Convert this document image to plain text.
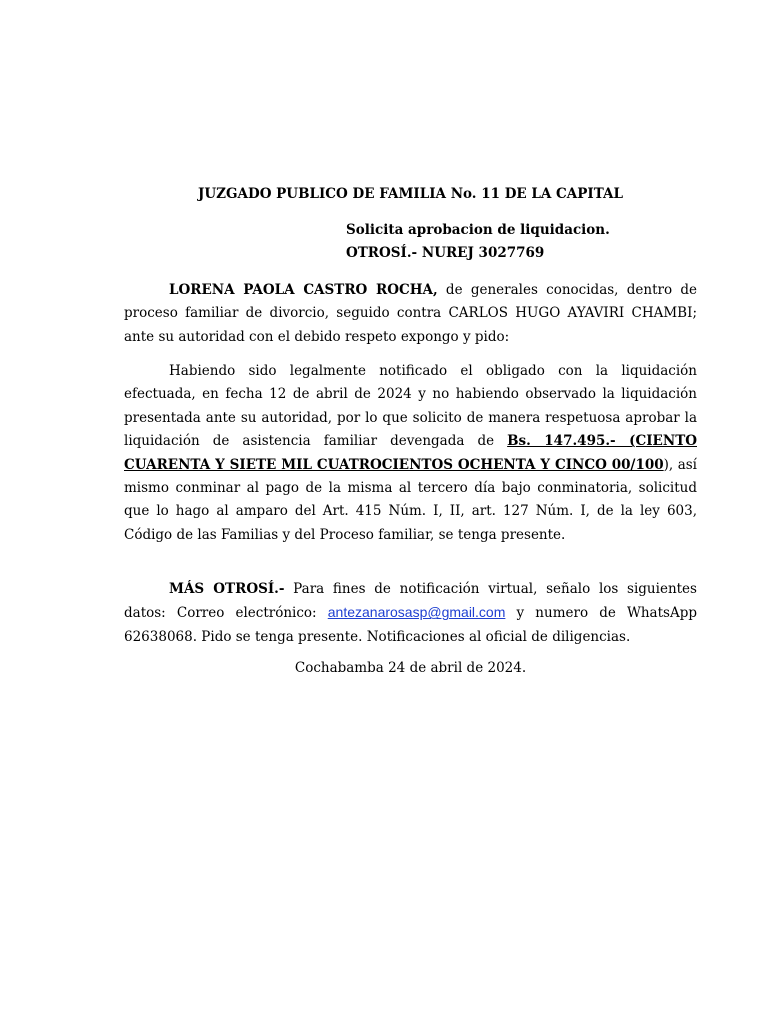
JUZGADO PUBLICO DE FAMILIA No. 11 DE LA CAPITAL
Solicita aprobacion de liquidacion.
OTROSÍ.- NUREJ 3027769

LORENA PAOLA CASTRO ROCHA, de generales conocidas, dentro de proceso familiar de divorcio, seguido contra CARLOS HUGO AYAVIRI CHAMBI; ante su autoridad con el debido respeto expongo y pido:

Habiendo sido legalmente notificado el obligado con la liquidación efectuada, en fecha 12 de abril de 2024 y no habiendo observado la liquidación presentada ante su autoridad, por lo que solicito de manera respetuosa aprobar la liquidación de asistencia familiar devengada de Bs. 147.495.- (CIENTO CUARENTA Y SIETE MIL CUATROCIENTOS OCHENTA Y CINCO 00/100), así mismo conminar al pago de la misma al tercero día bajo conminatoria, solicitud que lo hago al amparo del Art. 415 Núm. I, II, art. 127 Núm. I, de la ley 603, Código de las Familias y del Proceso familiar, se tenga presente.

MÁS OTROSÍ.- Para fines de notificación virtual, señalo los siguientes datos: Correo electrónico: antezanarosasp@gmail.com y numero de WhatsApp 62638068. Pido se tenga presente. Notificaciones al oficial de diligencias.

Cochabamba 24 de abril de 2024.
